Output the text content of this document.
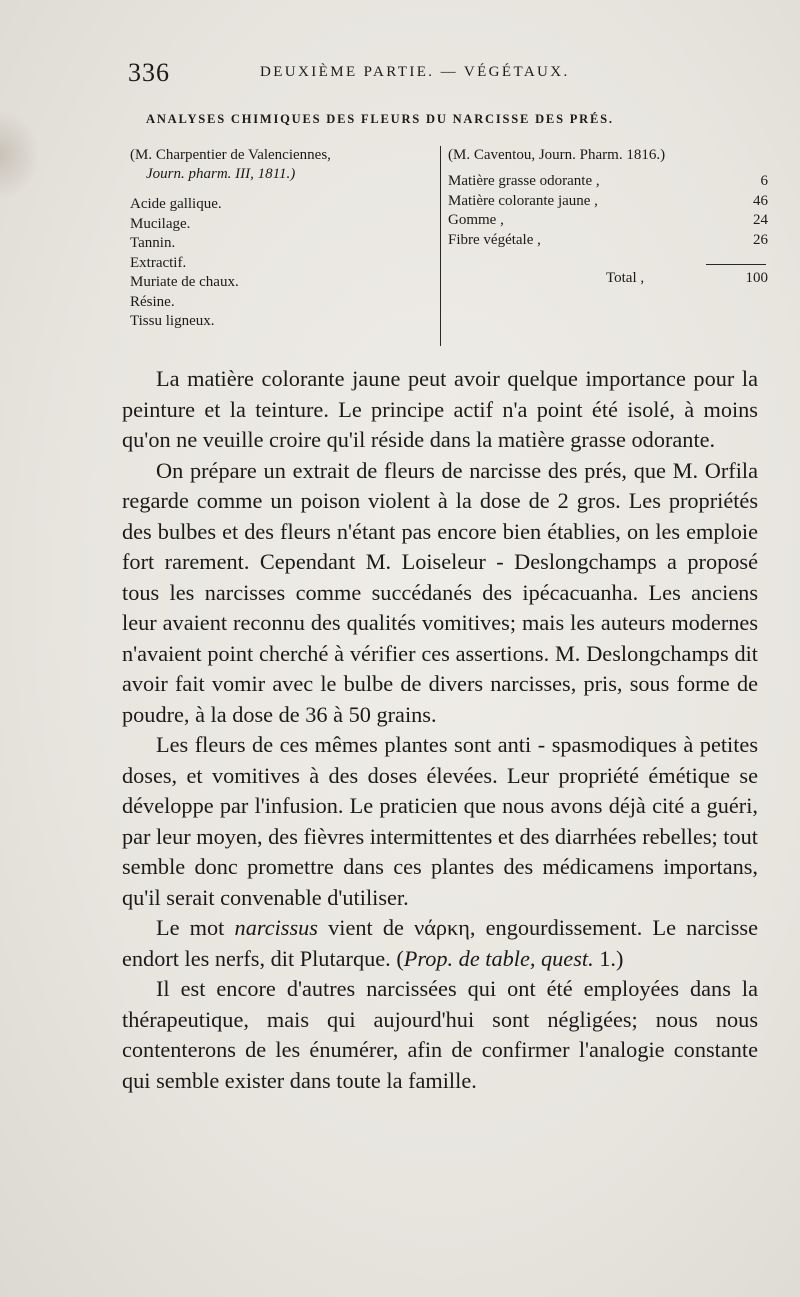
336	DEUXIÈME PARTIE. — VÉGÉTAUX.
ANALYSES CHIMIQUES DES FLEURS DU NARCISSE DES PRÉS.
(M. Charpentier de Valenciennes,
Journ. pharm. III, 1811.)
Acide gallique.
Mucilage.
Tannin.
Extractif.
Muriate de chaux.
Résine.
Tissu ligneux.
(M. Caventou, Journ. Pharm. 1816.)
Matière grasse odorante ,	6
Matière colorante jaune ,	46
Gomme ,	24
Fibre végétale ,	26
Total ,	100

La matière colorante jaune peut avoir quelque importance pour la peinture et la teinture. Le principe actif n'a point été isolé, à moins qu'on ne veuille croire qu'il réside dans la matière grasse odorante.

On prépare un extrait de fleurs de narcisse des prés, que M. Orfila regarde comme un poison violent à la dose de 2 gros. Les propriétés des bulbes et des fleurs n'étant pas encore bien établies, on les emploie fort rarement. Cependant M. Loiseleur - Deslongchamps a proposé tous les narcisses comme succédanés des ipécacuanha. Les anciens leur avaient reconnu des qualités vomitives; mais les auteurs modernes n'avaient point cherché à vérifier ces assertions. M. Deslongchamps dit avoir fait vomir avec le bulbe de divers narcisses, pris, sous forme de poudre, à la dose de 36 à 50 grains.

Les fleurs de ces mêmes plantes sont anti - spasmodiques à petites doses, et vomitives à des doses élevées. Leur propriété émétique se développe par l'infusion. Le praticien que nous avons déjà cité a guéri, par leur moyen, des fièvres intermittentes et des diarrhées rebelles; tout semble donc promettre dans ces plantes des médicamens importans, qu'il serait convenable d'utiliser.

Le mot narcissus vient de νάρκη, engourdissement. Le narcisse endort les nerfs, dit Plutarque. (Prop. de table, quest. 1.)

Il est encore d'autres narcissées qui ont été employées dans la thérapeutique, mais qui aujourd'hui sont négligées; nous nous contenterons de les énumérer, afin de confirmer l'analogie constante qui semble exister dans toute la famille.
